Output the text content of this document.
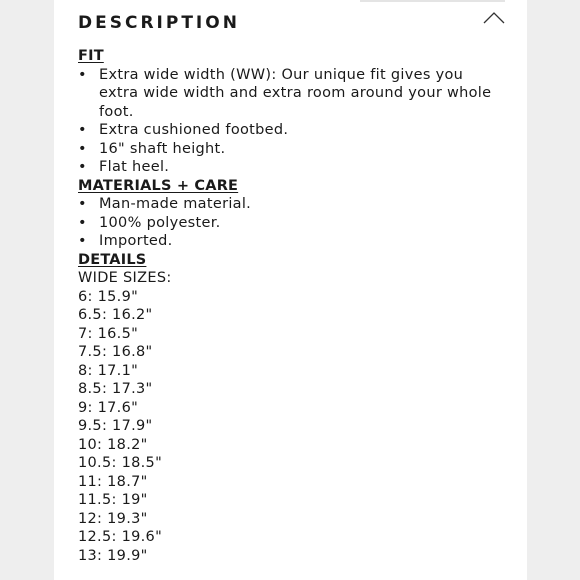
DESCRIPTION
FIT
• Extra wide width (WW): Our unique fit gives you extra wide width and extra room around your whole foot.
• Extra cushioned footbed.
• 16" shaft height.
• Flat heel.
MATERIALS + CARE
• Man-made material.
• 100% polyester.
• Imported.
DETAILS
WIDE SIZES:
6: 15.9"
6.5: 16.2"
7: 16.5"
7.5: 16.8"
8: 17.1"
8.5: 17.3"
9: 17.6"
9.5: 17.9"
10: 18.2"
10.5: 18.5"
11: 18.7"
11.5: 19"
12: 19.3"
12.5: 19.6"
13: 19.9"
